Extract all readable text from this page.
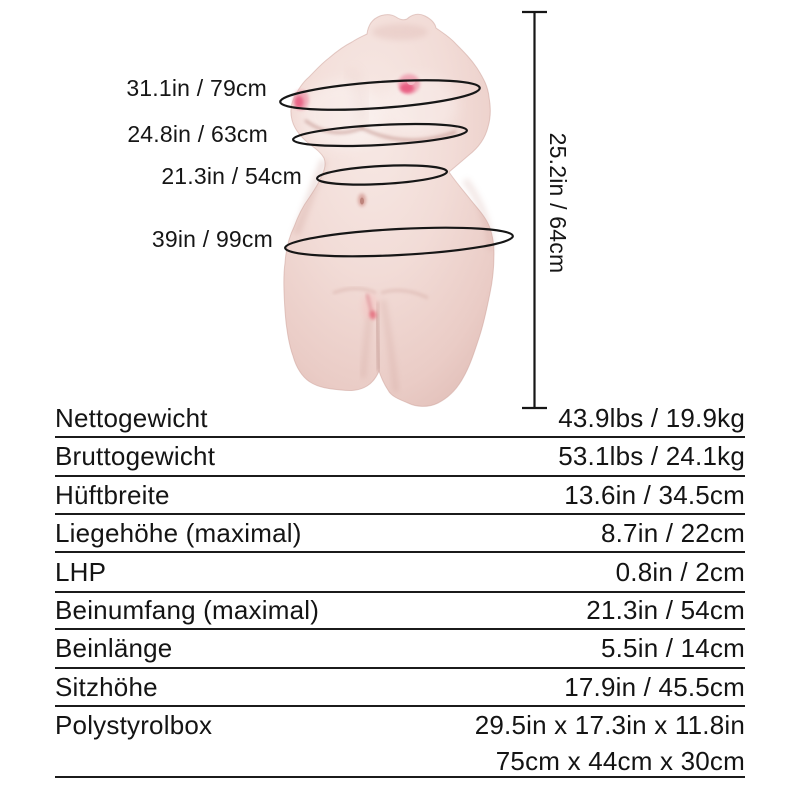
31.1in / 79cm
24.8in / 63cm
21.3in / 54cm
39in / 99cm	25.2in / 64cm
Nettogewicht	43.9lbs / 19.9kg
Bruttogewicht	53.1lbs / 24.1kg
Hüftbreite	13.6in / 34.5cm
Liegehöhe (maximal)	8.7in / 22cm
LHP	0.8in / 2cm
Beinumfang (maximal)	21.3in / 54cm
Beinlänge	5.5in / 14cm
Sitzhöhe	17.9in / 45.5cm
Polystyrolbox	29.5in x 17.3in x 11.8in
75cm x 44cm x 30cm
